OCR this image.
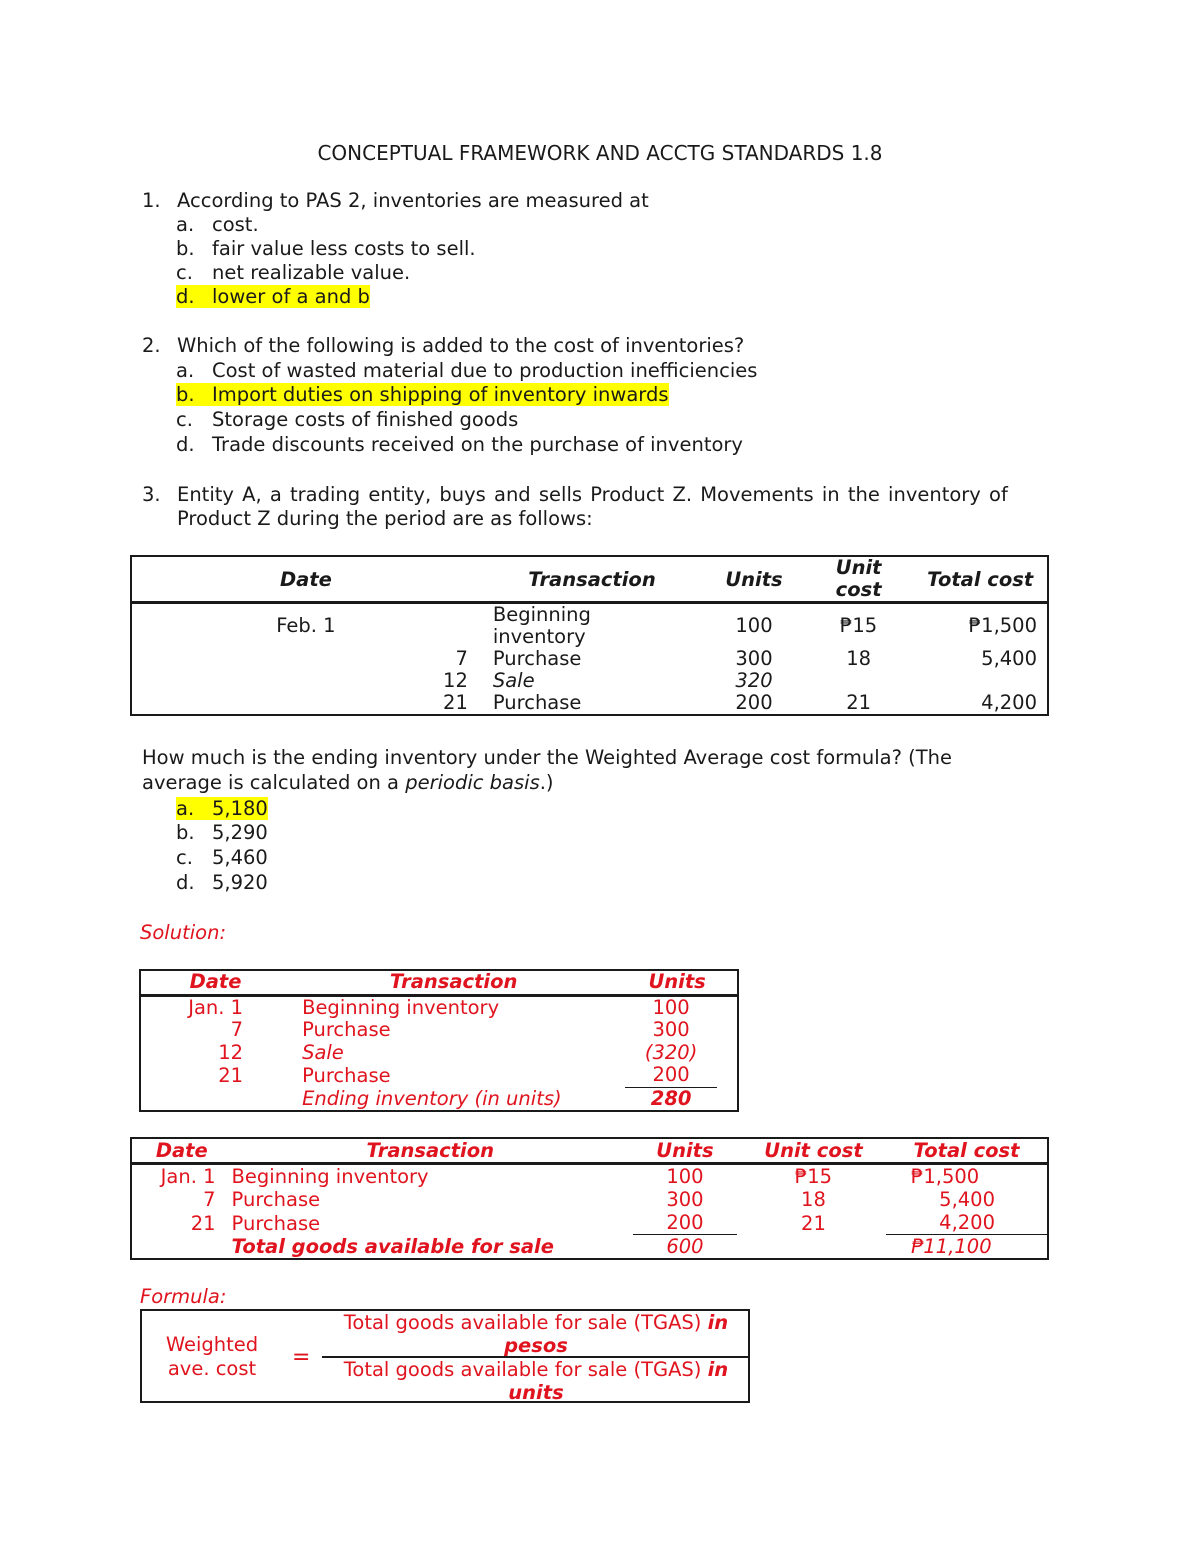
CONCEPTUAL FRAMEWORK AND ACCTG STANDARDS 1.8
1. According to PAS 2, inventories are measured at
a. cost.
b. fair value less costs to sell.
c. net realizable value.
d. lower of a and b
2. Which of the following is added to the cost of inventories?
a. Cost of wasted material due to production inefficiencies
b. Import duties on shipping of inventory inwards
c. Storage costs of finished goods
d. Trade discounts received on the purchase of inventory
3. Entity A, a trading entity, buys and sells Product Z. Movements in the inventory of
Product Z during the period are as follows:
Date	Transaction	Units	Unit
cost	Total cost
Feb. 1	Beginning
inventory	100	₱15	₱1,500
7	Purchase	300	18	5,400
12	Sale	320		
21	Purchase	200	21	4,200
How much is the ending inventory under the Weighted Average cost formula? (The
average is calculated on a periodic basis.)
a. 5,180
b. 5,290
c. 5,460
d. 5,920
Solution:
Date	Transaction	Units
Jan. 1	Beginning inventory	100
7	Purchase	300
12	Sale	(320)
21	Purchase	200
	Ending inventory (in units)	280
Date	Transaction	Units	Unit cost	Total cost
Jan. 1	Beginning inventory	100	₱15	₱1,500
7	Purchase	300	18	5,400
21	Purchase	200	21	4,200
	Total goods available for sale	600		₱11,100
Formula:
Weighted
ave. cost	=
Total goods available for sale (TGAS) in
pesos
Total goods available for sale (TGAS) in
units
